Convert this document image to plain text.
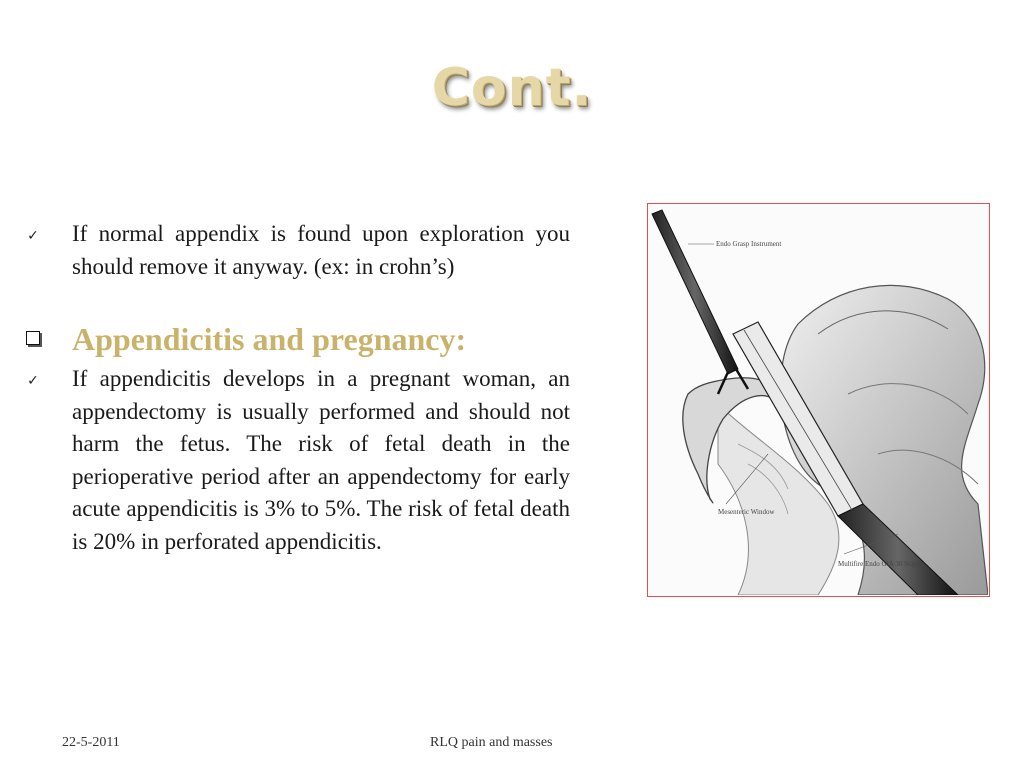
Cont.
✓ If normal appendix is found upon exploration you should remove it anyway. (ex: in crohn’s)
Appendicitis and pregnancy:
✓ If appendicitis develops in a pregnant woman, an appendectomy is usually performed and should not harm the fetus. The risk of fetal death in the perioperative period after an appendectomy for early acute appendicitis is 3% to 5%. The risk of fetal death is 20% in perforated appendicitis.
Endo Grasp Instrument
Mesenteric Window
Multifire Endo GIA 30 Stapler
22-5-2011	RLQ pain and masses
